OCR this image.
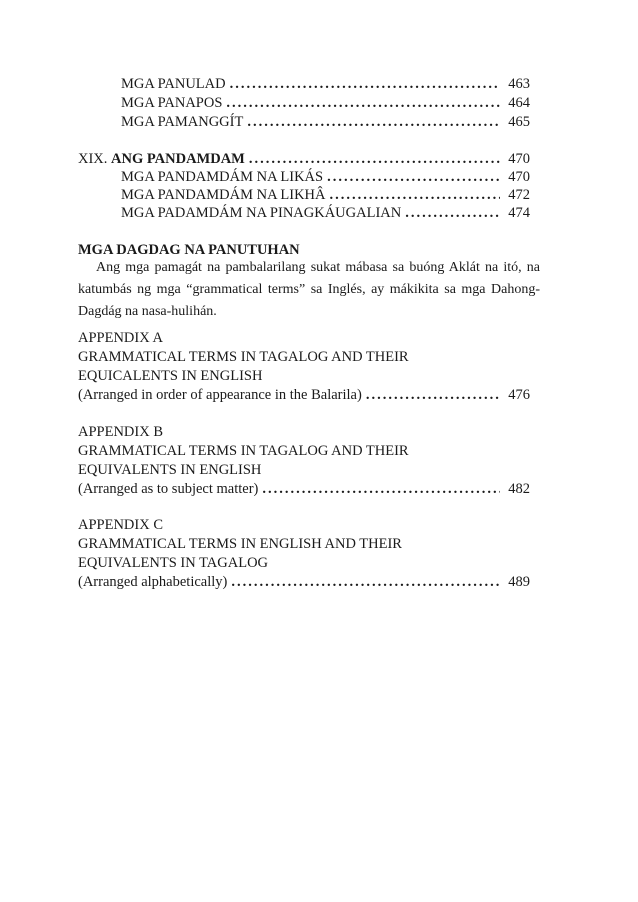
MGA PANULAD .....	463
MGA PANAPOS .....	464
MGA PAMANGGÍT .....	465
XIX. ANG PANDAMDAM .....	470
MGA PANDAMDÁM NA LIKÁS .....	470
MGA PANDAMDÁM NA LIKHÂ .....	472
MGA PADAMDÁM NA PINAGKÁUGALIAN .....	474
MGA DAGDAG NA PANUTUHAN
Ang mga pamagát na pambalarilang sukat mábasa sa buóng Aklát na itó, na katumbás ng mga “grammatical terms” sa Inglés, ay mákikita sa mga Dahong-Dagdág na nasa-hulihán.
APPENDIX A
GRAMMATICAL TERMS IN TAGALOG AND THEIR
EQUICALENTS IN ENGLISH
(Arranged in order of appearance in the Balarila) .....	476
APPENDIX B
GRAMMATICAL TERMS IN TAGALOG AND THEIR
EQUIVALENTS IN ENGLISH
(Arranged as to subject matter) .....	482
APPENDIX C
GRAMMATICAL TERMS IN ENGLISH AND THEIR
EQUIVALENTS IN TAGALOG
(Arranged alphabetically) .....	489
